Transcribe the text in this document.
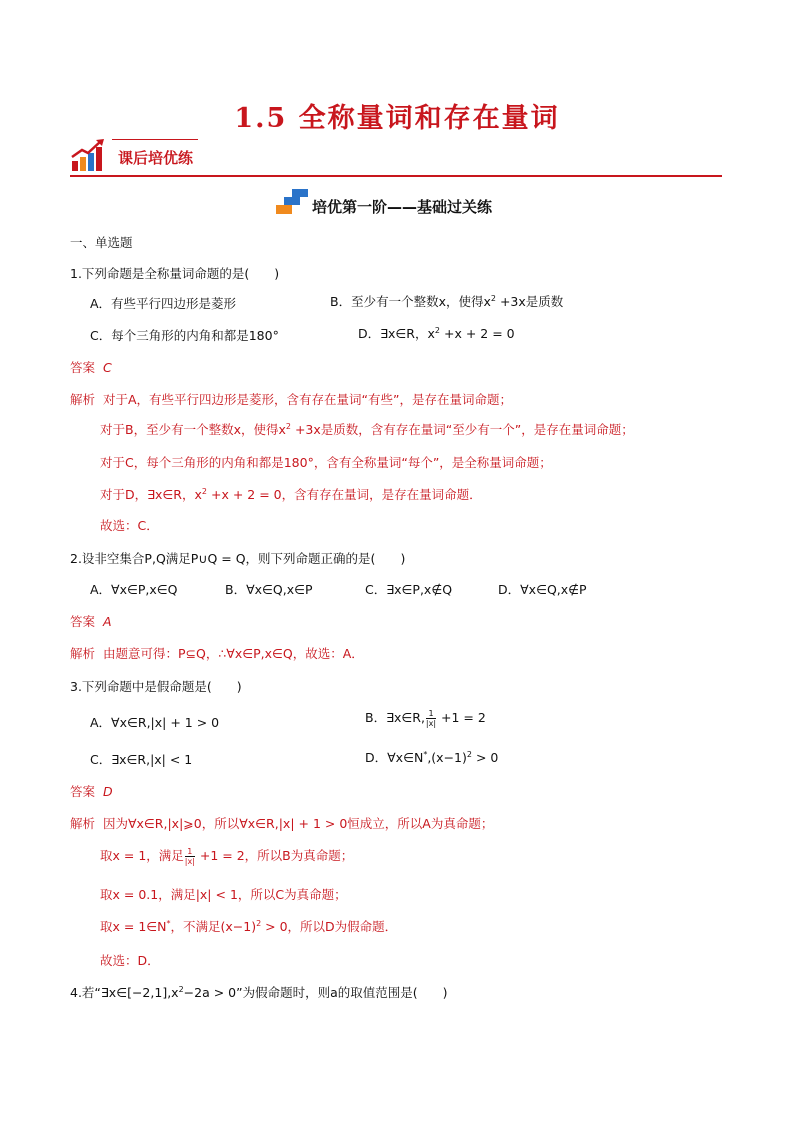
1.5 全称量词和存在量词
课后培优练
培优第一阶——基础过关练
一、单选题
1.下列命题是全称量词命题的是(　　)
A．有些平行四边形是菱形	B．至少有一个整数x，使得$x^2 +3x$是质数
C．每个三角形的内角和都是180°	D．∃x∈R，$x^2 +x + 2 = 0$
答案 C
解析 对于A，有些平行四边形是菱形，含有存在量词“有些”，是存在量词命题；
对于B，至少有一个整数x，使得$x^2 +3x$是质数，含有存在量词“至少有一个”，是存在量词命题；
对于C，每个三角形的内角和都是180°，含有全称量词“每个”，是全称量词命题；
对于D，∃x∈R，$x^2 +x + 2 = 0$，含有存在量词，是存在量词命题．
故选：C．
2.设非空集合P,Q满足P∪Q = Q，则下列命题正确的是(　　)
A．∀x∈P,x∈Q	B．∀x∈Q,x∈P	C．∃x∈P,x∉Q	D．∀x∈Q,x∉P
答案 A
解析 由题意可得：P⊆Q，∴∀x∈P,x∈Q，故选：A．
3.下列命题中是假命题是(　　)
A．∀x∈R,|x| + 1 > 0	B．∃x∈R, $\frac{1}{|x|} +1 = 2$
C．∃x∈R,|x| < 1	D．$\forall x\in N^*,(x-1)^2 > 0$
答案 D
解析 因为∀x∈R,|x|⩾0，所以∀x∈R,|x| + 1 > 0恒成立，所以A为真命题；
取x = 1，满足 $\frac{1}{|x|} +1 = 2$，所以B为真命题；
取x = 0.1，满足|x| < 1，所以C为真命题；
取x = 1∈N*，不满足$(x-1)^2 > 0$，所以D为假命题．
故选：D．
4.若“$\exists x\in[-2,1],x^2-2a > 0$”为假命题时，则a的取值范围是(　　)
